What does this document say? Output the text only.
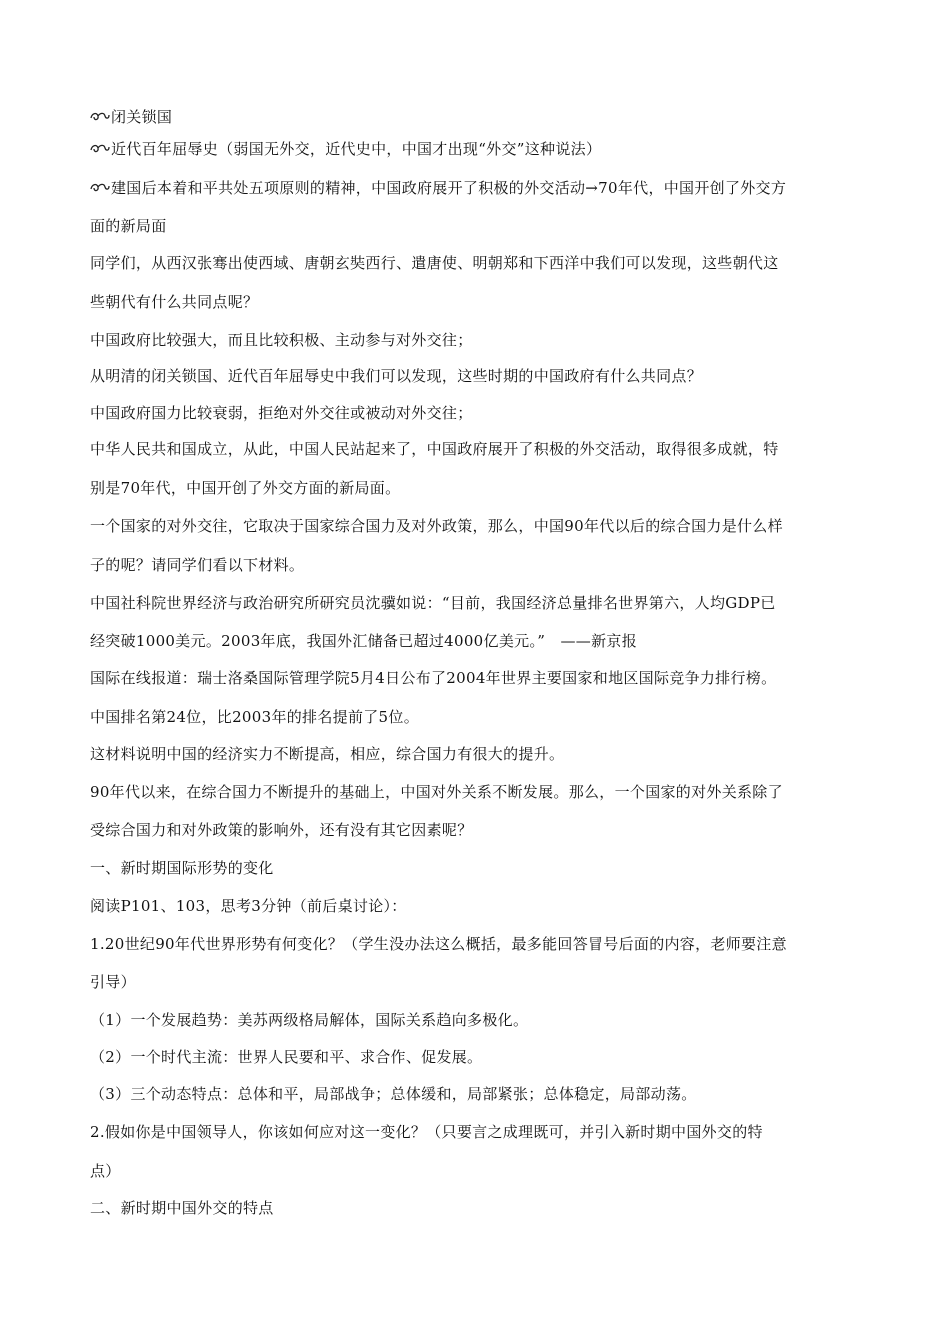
闭关锁国
近代百年屈辱史（弱国无外交，近代史中，中国才出现“外交”这种说法）
建国后本着和平共处五项原则的精神，中国政府展开了积极的外交活动→70年代，中国开创了外交方
面的新局面
同学们，从西汉张骞出使西域、唐朝玄奘西行、遣唐使、明朝郑和下西洋中我们可以发现，这些朝代这
些朝代有什么共同点呢？
中国政府比较强大，而且比较积极、主动参与对外交往；
从明清的闭关锁国、近代百年屈辱史中我们可以发现，这些时期的中国政府有什么共同点？
中国政府国力比较衰弱，拒绝对外交往或被动对外交往；
中华人民共和国成立，从此，中国人民站起来了，中国政府展开了积极的外交活动，取得很多成就，特
别是70年代，中国开创了外交方面的新局面。
一个国家的对外交往，它取决于国家综合国力及对外政策，那么，中国90年代以后的综合国力是什么样
子的呢？请同学们看以下材料。
中国社科院世界经济与政治研究所研究员沈骥如说：“目前，我国经济总量排名世界第六，人均GDP已
经突破1000美元。2003年底，我国外汇储备已超过4000亿美元。”　——新京报
国际在线报道：瑞士洛桑国际管理学院5月4日公布了2004年世界主要国家和地区国际竞争力排行榜。
中国排名第24位，比2003年的排名提前了5位。
这材料说明中国的经济实力不断提高，相应，综合国力有很大的提升。
90年代以来，在综合国力不断提升的基础上，中国对外关系不断发展。那么，一个国家的对外关系除了
受综合国力和对外政策的影响外，还有没有其它因素呢？
一、新时期国际形势的变化
阅读P101、103，思考3分钟（前后桌讨论）：
1.20世纪90年代世界形势有何变化？（学生没办法这么概括，最多能回答冒号后面的内容，老师要注意
引导）
（1）一个发展趋势：美苏两级格局解体，国际关系趋向多极化。
（2）一个时代主流：世界人民要和平、求合作、促发展。
（3）三个动态特点：总体和平，局部战争；总体缓和，局部紧张；总体稳定，局部动荡。
2.假如你是中国领导人，你该如何应对这一变化？（只要言之成理既可，并引入新时期中国外交的特
点）
二、新时期中国外交的特点
